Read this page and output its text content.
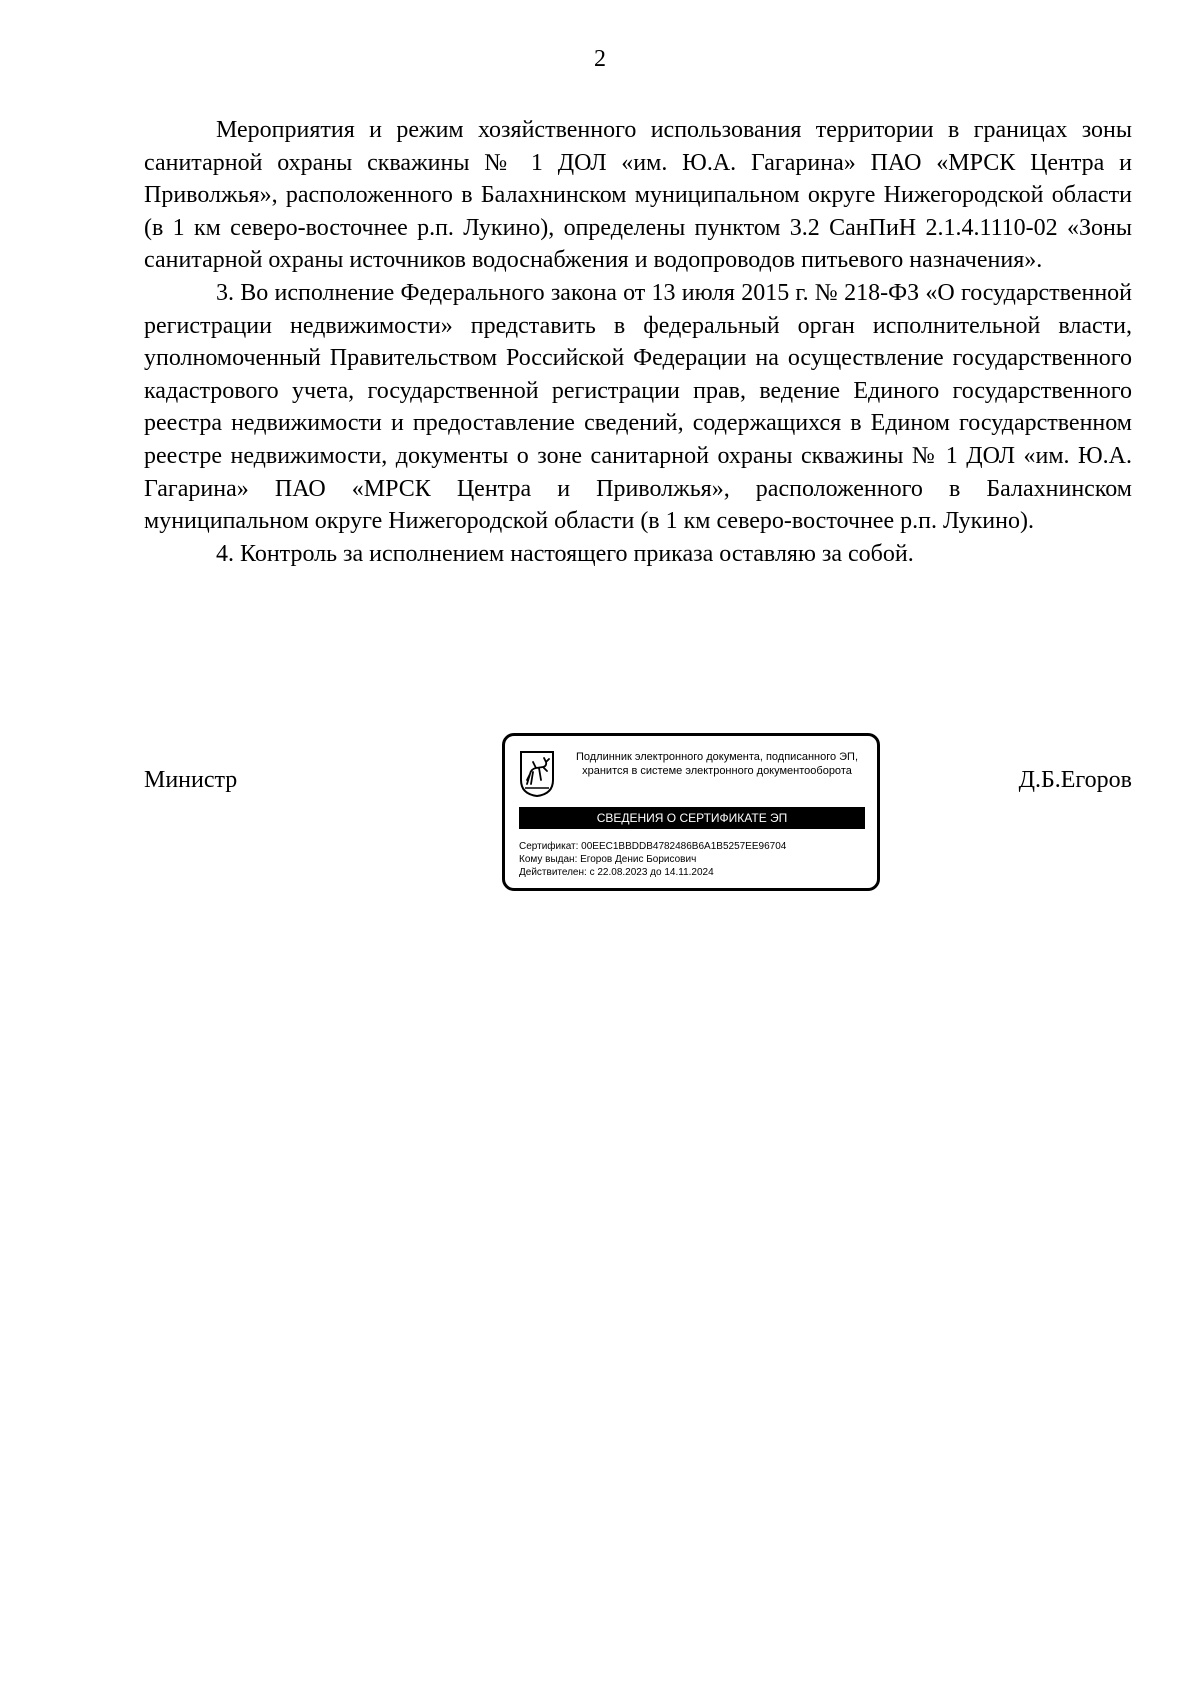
2

Мероприятия и режим хозяйственного использования территории в границах зоны санитарной охраны скважины № 1 ДОЛ «им. Ю.А. Гагарина» ПАО «МРСК Центра и Приволжья», расположенного в Балахнинском муниципальном округе Нижегородской области (в 1 км северо-восточнее р.п. Лукино), определены пунктом 3.2 СанПиН 2.1.4.1110-02 «Зоны санитарной охраны источников водоснабжения и водопроводов питьевого назначения».

3. Во исполнение Федерального закона от 13 июля 2015 г. № 218-ФЗ «О государственной регистрации недвижимости» представить в федеральный орган исполнительной власти, уполномоченный Правительством Российской Федерации на осуществление государственного кадастрового учета, государственной регистрации прав, ведение Единого государственного реестра недвижимости и предоставление сведений, содержащихся в Едином государственном реестре недвижимости, документы о зоне санитарной охраны скважины № 1 ДОЛ «им. Ю.А. Гагарина» ПАО «МРСК Центра и Приволжья», расположенного в Балахнинском муниципальном округе Нижегородской области (в 1 км северо-восточнее р.п. Лукино).

4. Контроль за исполнением настоящего приказа оставляю за собой.

Министр
Подлинник электронного документа, подписанного ЭП,
хранится в системе электронного документооборота
СВЕДЕНИЯ О СЕРТИФИКАТЕ ЭП
Сертификат: 00EEC1BBDDB4782486B6A1B5257EE96704
Кому выдан: Егоров Денис Борисович
Действителен: с 22.08.2023 до 14.11.2024
Д.Б.Егоров
